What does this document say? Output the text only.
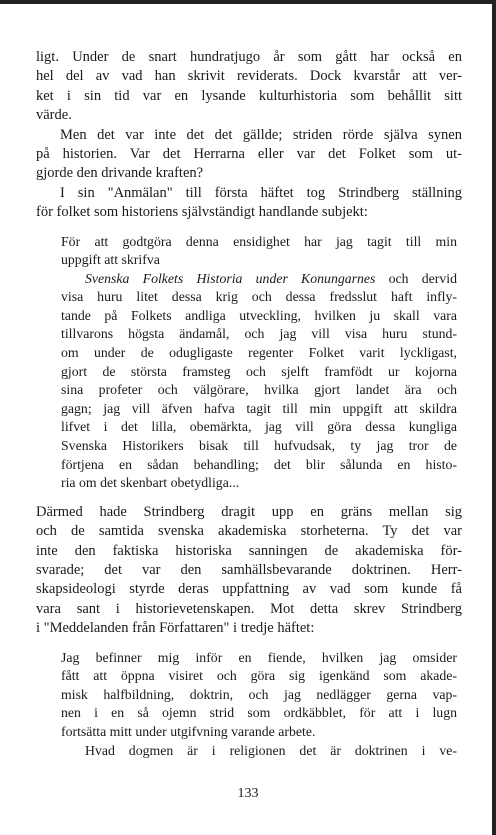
ligt. Under de snart hundratjugo år som gått har också en
hel del av vad han skrivit reviderats. Dock kvarstår att ver-
ket i sin tid var en lysande kulturhistoria som behållit sitt
värde.
Men det var inte det det gällde; striden rörde själva synen
på historien. Var det Herrarna eller var det Folket som ut-
gjorde den drivande kraften?
I sin "Anmälan" till första häftet tog Strindberg ställning
för folket som historiens självständigt handlande subjekt:
För att godtgöra denna ensidighet har jag tagit till min
uppgift att skrifva
Svenska Folkets Historia under Konungarnes och dervid
visa huru litet dessa krig och dessa fredsslut haft infly-
tande på Folkets andliga utveckling, hvilken ju skall vara
tillvarons högsta ändamål, och jag vill visa huru stund-
om under de odugligaste regenter Folket varit lyckligast,
gjort de största framsteg och sjelft framfödt ur kojorna
sina profeter och välgörare, hvilka gjort landet ära och
gagn; jag vill äfven hafva tagit till min uppgift att skildra
lifvet i det lilla, obemärkta, jag vill göra dessa kungliga
Svenska Historikers bisak till hufvudsak, ty jag tror de
förtjena en sådan behandling; det blir sålunda en histo-
ria om det skenbart obetydliga...
Därmed hade Strindberg dragit upp en gräns mellan sig
och de samtida svenska akademiska storheterna. Ty det var
inte den faktiska historiska sanningen de akademiska för-
svarade; det var den samhällsbevarande doktrinen. Herr-
skapsideologi styrde deras uppfattning av vad som kunde få
vara sant i historievetenskapen. Mot detta skrev Strindberg
i "Meddelanden från Författaren" i tredje häftet:
Jag befinner mig inför en fiende, hvilken jag omsider
fått att öppna visiret och göra sig igenkänd som akade-
misk halfbildning, doktrin, och jag nedlägger gerna vap-
nen i en så ojemn strid som ordkäbblet, för att i lugn
fortsätta mitt under utgifvning varande arbete.
Hvad dogmen är i religionen det är doktrinen i ve-
133
